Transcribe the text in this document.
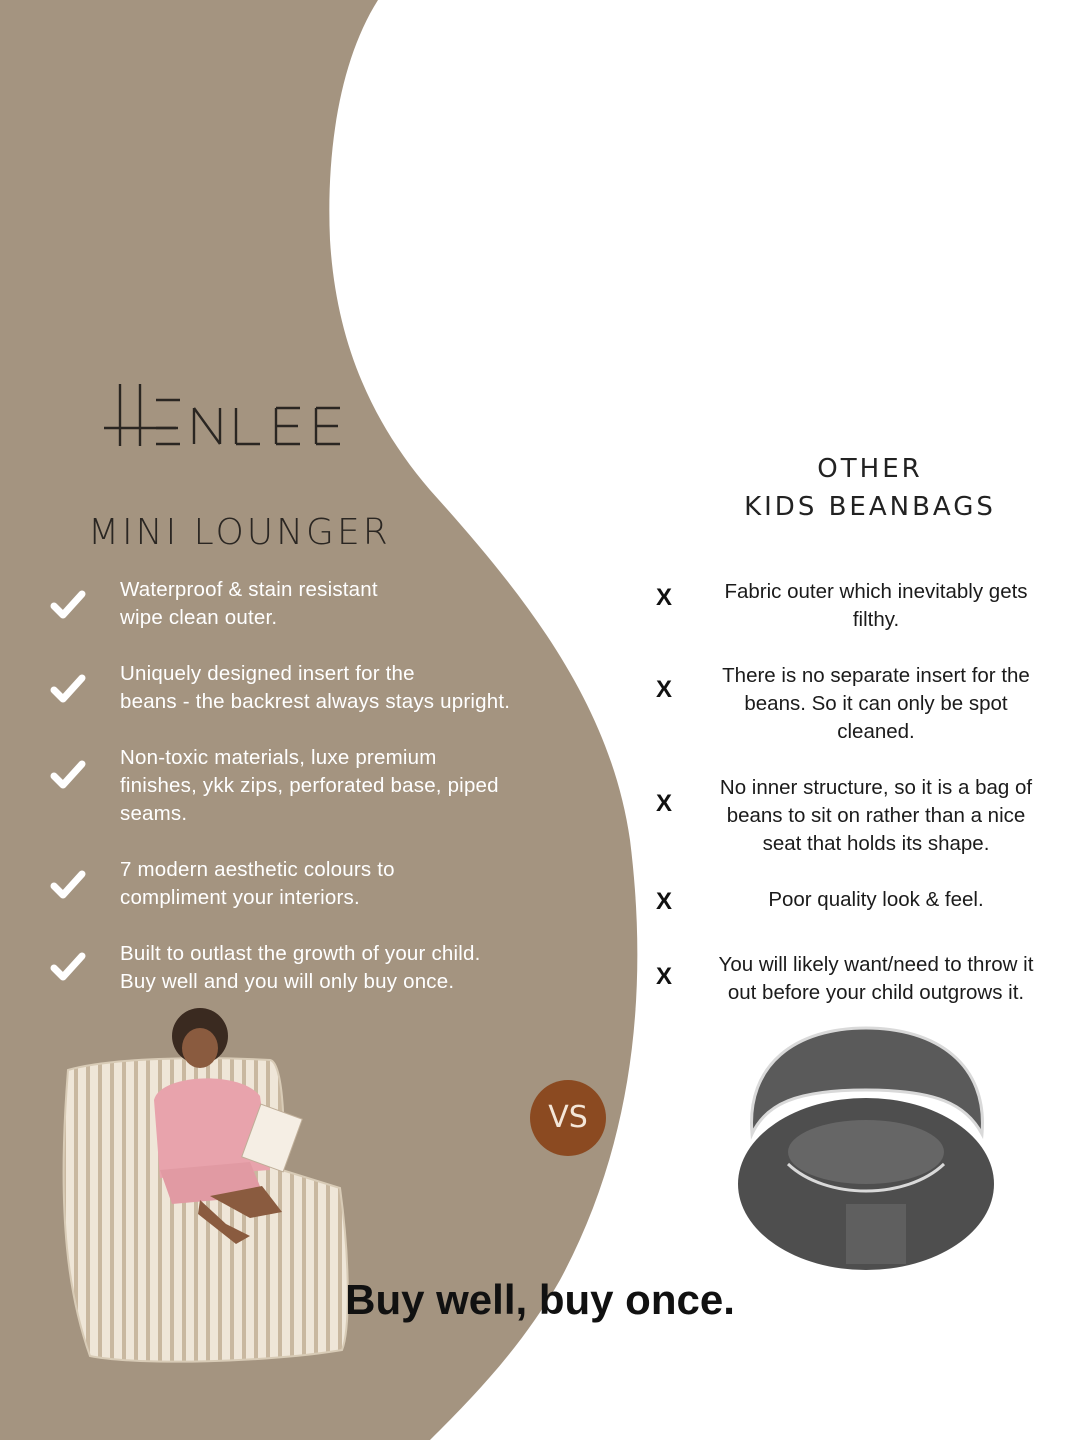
MINI LOUNGER
Waterproof & stain resistant
wipe clean outer.
Uniquely designed insert for the
beans - the backrest always stays upright.
Non-toxic materials, luxe premium
finishes, ykk zips, perforated base, piped
seams.
7 modern aesthetic colours to
compliment your interiors.
Built to outlast the growth of your child.
Buy well and you will only buy once.
OTHER
KIDS BEANBAGS
X	Fabric outer which inevitably gets
filthy.
X
There is no separate insert for the
beans. So it can only be spot
cleaned.
X
No inner structure, so it is a bag of
beans to sit on rather than a nice
seat that holds its shape.
X	Poor quality look & feel.
X	You will likely want/need to throw it
out before your child outgrows it.
VS
Buy well, buy once.
